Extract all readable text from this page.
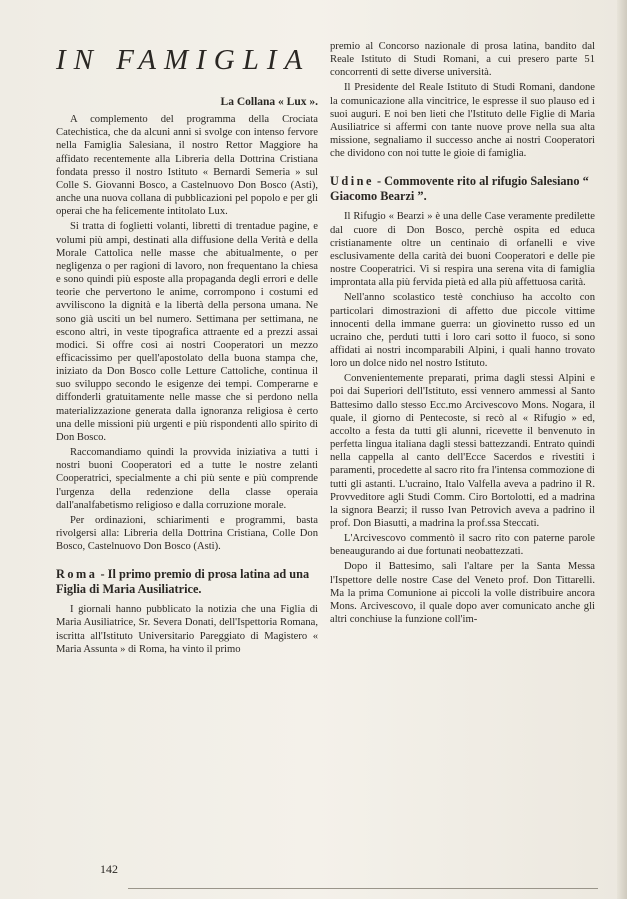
IN FAMIGLIA
La Collana « Lux ».

A complemento del programma della Crociata Catechistica, che da alcuni anni si svolge con intenso fervore nella Famiglia Salesiana, il nostro Rettor Maggiore ha affidato recentemente alla Libreria della Dottrina Cristiana fondata presso il nostro Istituto « Bernardi Semeria » sul Colle S. Giovanni Bosco, a Castelnuovo Don Bosco (Asti), anche una nuova collana di pubblicazioni pel popolo e per gli operai che ha felicemente intitolato Lux.

Si tratta di foglietti volanti, libretti di trentadue pagine, e volumi più ampi, destinati alla diffusione della Verità e della Morale Cattolica nelle masse che abitualmente, o per negligenza o per ragioni di lavoro, non frequentano la chiesa e sono quindi più esposte alla propaganda degli errori e delle teorie che pervertono le anime, corrompono i costumi ed avviliscono la dignità e la libertà della persona umana. Ne sono già usciti un bel numero. Settimana per settimana, ne escono altri, in veste tipografica attraente ed a prezzi assai modici. Si offre così ai nostri Cooperatori un mezzo efficacissimo per quell'apostolato della buona stampa che, iniziato da Don Bosco colle Letture Cattoliche, continua il suo sviluppo secondo le esigenze dei tempi. Comperarne e diffonderli gratuitamente nelle masse che si perdono nella materializzazione generata dalla ignoranza religiosa è certo una delle missioni più urgenti e più rispondenti allo spirito di Don Bosco.

Raccomandiamo quindi la provvida iniziativa a tutti i nostri buoni Cooperatori ed a tutte le nostre zelanti Cooperatrici, specialmente a chi più sente e più comprende l'urgenza della redenzione della classe operaia dall'analfabetismo religioso e dalla corruzione morale.

Per ordinazioni, schiarimenti e programmi, basta rivolgersi alla: Libreria della Dottrina Cristiana, Colle Don Bosco, Castelnuovo Don Bosco (Asti).

Roma - Il primo premio di prosa latina ad una Figlia di Maria Ausiliatrice.

I giornali hanno pubblicato la notizia che una Figlia di Maria Ausiliatrice, Sr. Severa Donati, dell'Ispettoria Romana, iscritta all'Istituto Universitario Pareggiato di Magistero « Maria Assunta » di Roma, ha vinto il primo

premio al Concorso nazionale di prosa latina, bandito dal Reale Istituto di Studi Romani, a cui presero parte 51 concorrenti di sette diverse università.

Il Presidente del Reale Istituto di Studi Romani, dandone la comunicazione alla vincitrice, le espresse il suo plauso ed i suoi auguri. E noi ben lieti che l'Istituto delle Figlie di Maria Ausiliatrice si affermi con tante nuove prove nella sua alta missione, segnaliamo il successo anche ai nostri Cooperatori che dividono con noi tutte le gioie di famiglia.

Udine - Commovente rito al rifugio Salesiano “ Giacomo Bearzi ”.

Il Rifugio « Bearzi » è una delle Case veramente predilette dal cuore di Don Bosco, perchè ospita ed educa cristianamente oltre un centinaio di orfanelli e vive esclusivamente della carità dei buoni Cooperatori e delle pie nostre Cooperatrici. Vi si respira una serena vita di famiglia improntata alla più fervida pietà ed alla più affettuosa carità.

Nell'anno scolastico testè conchiuso ha accolto con particolari dimostrazioni di affetto due piccole vittime innocenti della immane guerra: un giovinetto russo ed un ucraino che, perduti tutti i loro cari sotto il fuoco, si sono affidati ai nostri incomparabili Alpini, i quali hanno trovato loro un dolce nido nel nostro Istituto.

Convenientemente preparati, prima dagli stessi Alpini e poi dai Superiori dell'Istituto, essi vennero ammessi al Santo Battesimo dallo stesso Ecc.mo Arcivescovo Mons. Nogara, il quale, il giorno di Pentecoste, si recò al « Rifugio » ed, accolto a festa da tutti gli alunni, ricevette il benvenuto in perfetta lingua italiana dagli stessi battezzandi. Entrato quindi nella cappella al canto dell'Ecce Sacerdos e rivestiti i paramenti, procedette al sacro rito fra l'intensa commozione di tutti gli astanti. L'ucraino, Italo Valfella aveva a padrino il R. Provveditore agli Studi Comm. Ciro Bortolotti, ed a madrina la signora Bearzi; il russo Ivan Petrovich aveva a padrino il prof. Don Biasutti, a madrina la prof.ssa Steccati.

L'Arcivescovo commentò il sacro rito con paterne parole beneaugurando ai due fortunati neobattezzati.

Dopo il Battesimo, salì l'altare per la Santa Messa l'Ispettore delle nostre Case del Veneto prof. Don Tittarelli. Ma la prima Comunione ai piccoli la volle distribuire ancora Mons. Arcivescovo, il quale dopo aver comunicato anche gli altri conchiuse la funzione coll'im-

142
